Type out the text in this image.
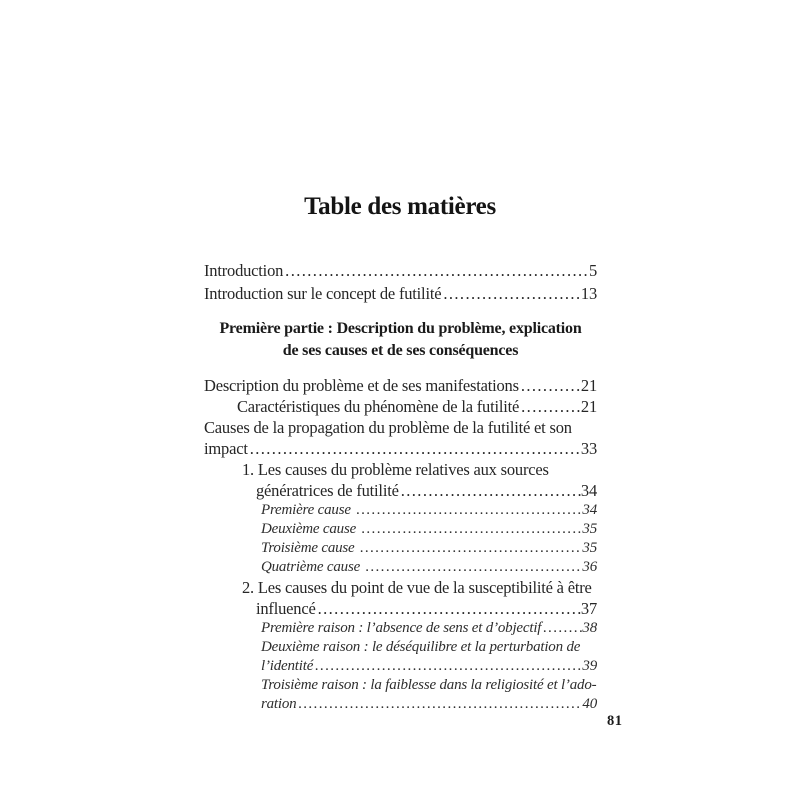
Table des matières
Introduction .....	5
Introduction sur le concept de futilité .....	13
Première partie : Description du problème, explication
de ses causes et de ses conséquences
Description du problème et de ses manifestations .....	21
Caractéristiques du phénomène de la futilité .....	21
Causes de la propagation du problème de la futilité et son
impact .....	33
1. Les causes du problème relatives aux sources
génératrices de futilité .....	34
Première cause .....	34
Deuxième cause .....	35
Troisième cause .....	35
Quatrième cause .....	36
2. Les causes du point de vue de la susceptibilité à être
influencé .....	37
Première raison : l’absence de sens et d’objectif .....	38
Deuxième raison : le déséquilibre et la perturbation de
l’identité .....	39
Troisième raison : la faiblesse dans la religiosité et l’ado-
ration .....	40
81
